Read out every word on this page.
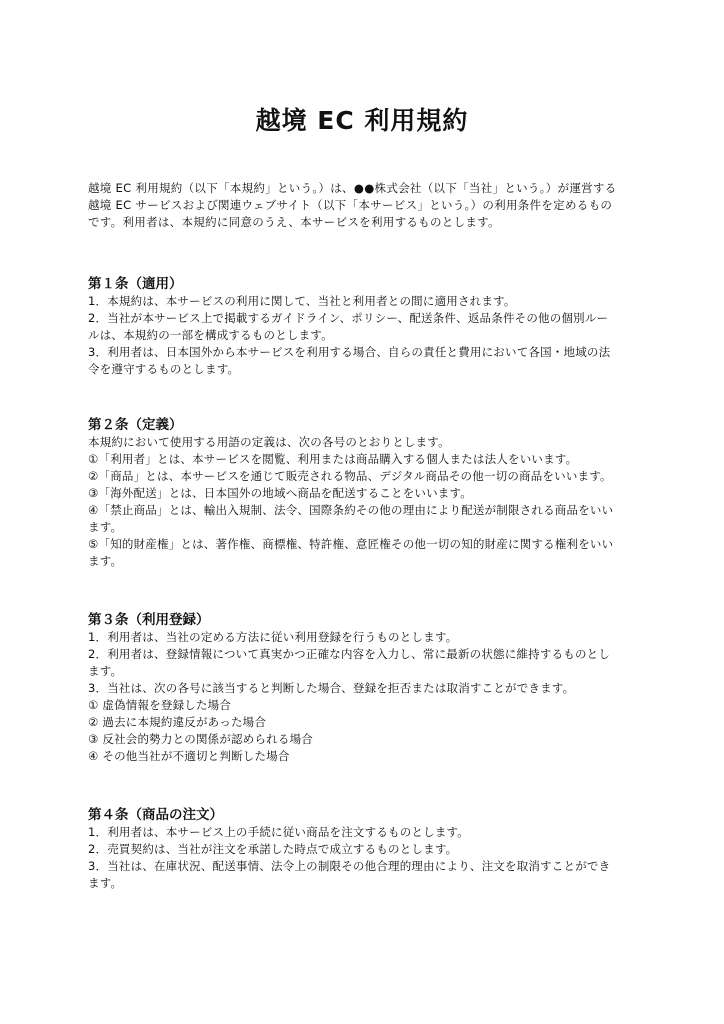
越境 EC 利用規約

越境 EC 利用規約（以下「本規約」という。）は、●●株式会社（以下「当社」という。）が運営する
越境 EC サービスおよび関連ウェブサイト（以下「本サービス」という。）の利用条件を定めるもの
です。利用者は、本規約に同意のうえ、本サービスを利用するものとします。

第１条（適用）

1．本規約は、本サービスの利用に関して、当社と利用者との間に適用されます。

2．当社が本サービス上で掲載するガイドライン、ポリシー、配送条件、返品条件その他の個別ルー
ルは、本規約の一部を構成するものとします。

3．利用者は、日本国外から本サービスを利用する場合、自らの責任と費用において各国・地域の法
令を遵守するものとします。

第２条（定義）

本規約において使用する用語の定義は、次の各号のとおりとします。

①「利用者」とは、本サービスを閲覧、利用または商品購入する個人または法人をいいます。

②「商品」とは、本サービスを通じて販売される物品、デジタル商品その他一切の商品をいいます。

③「海外配送」とは、日本国外の地域へ商品を配送することをいいます。

④「禁止商品」とは、輸出入規制、法令、国際条約その他の理由により配送が制限される商品をいい
ます。

⑤「知的財産権」とは、著作権、商標権、特許権、意匠権その他一切の知的財産に関する権利をいい
ます。

第３条（利用登録）

1．利用者は、当社の定める方法に従い利用登録を行うものとします。

2．利用者は、登録情報について真実かつ正確な内容を入力し、常に最新の状態に維持するものとし
ます。

3．当社は、次の各号に該当すると判断した場合、登録を拒否または取消すことができます。

① 虚偽情報を登録した場合

② 過去に本規約違反があった場合

③ 反社会的勢力との関係が認められる場合

④ その他当社が不適切と判断した場合

第４条（商品の注文）

1．利用者は、本サービス上の手続に従い商品を注文するものとします。

2．売買契約は、当社が注文を承諾した時点で成立するものとします。

3．当社は、在庫状況、配送事情、法令上の制限その他合理的理由により、注文を取消すことができ
ます。
